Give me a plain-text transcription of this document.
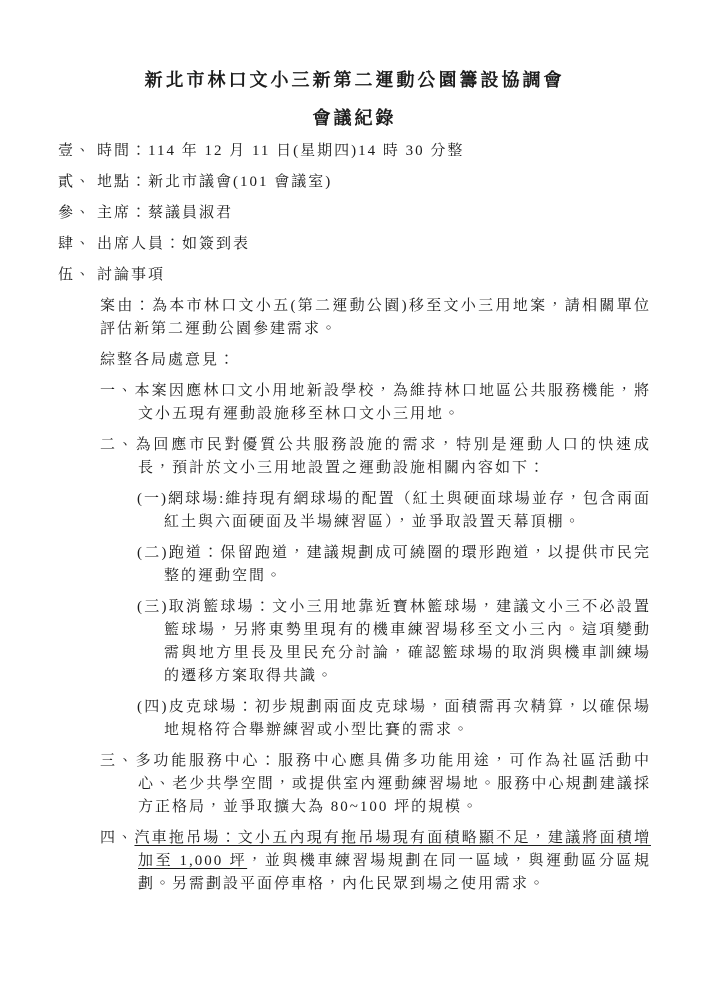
新北市林口文小三新第二運動公園籌設協調會
會議紀錄

壹、 時間：114 年 12 月 11 日(星期四)14 時 30 分整

貳、 地點：新北市議會(101 會議室)

參、 主席：蔡議員淑君

肆、 出席人員：如簽到表

伍、 討論事項

案由：為本市林口文小五(第二運動公園)移至文小三用地案，請相關單位評估新第二運動公園參建需求。

綜整各局處意見：

一、本案因應林口文小用地新設學校，為維持林口地區公共服務機能，將文小五現有運動設施移至林口文小三用地。

二、為回應市民對優質公共服務設施的需求，特別是運動人口的快速成長，預計於文小三用地設置之運動設施相關內容如下：

(一)網球場:維持現有網球場的配置（紅土與硬面球場並存，包含兩面紅土與六面硬面及半場練習區），並爭取設置天幕頂棚。

(二)跑道：保留跑道，建議規劃成可繞圈的環形跑道，以提供市民完整的運動空間。

(三)取消籃球場：文小三用地靠近寶林籃球場，建議文小三不必設置籃球場，另將東勢里現有的機車練習場移至文小三內。這項變動需與地方里長及里民充分討論，確認籃球場的取消與機車訓練場的遷移方案取得共識。

(四)皮克球場：初步規劃兩面皮克球場，面積需再次精算，以確保場地規格符合舉辦練習或小型比賽的需求。

三、多功能服務中心：服務中心應具備多功能用途，可作為社區活動中心、老少共學空間，或提供室內運動練習場地。服務中心規劃建議採方正格局，並爭取擴大為 80~100 坪的規模。

四、汽車拖吊場：文小五內現有拖吊場現有面積略顯不足，建議將面積增加至 1,000 坪，並與機車練習場規劃在同一區域，與運動區分區規劃。另需劃設平面停車格，內化民眾到場之使用需求。
